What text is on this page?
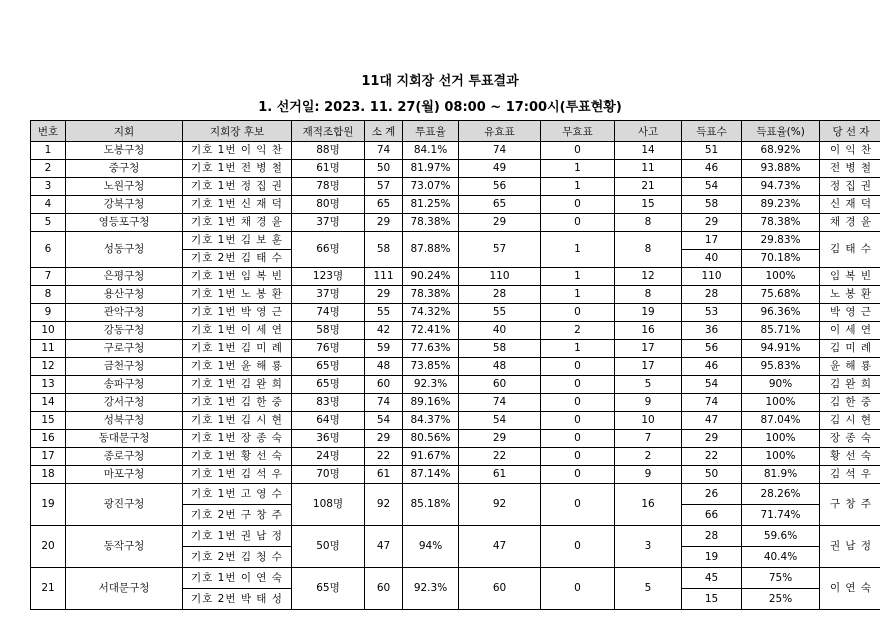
11대 지회장 선거 투표결과
1. 선거일: 2023. 11. 27(월) 08:00 ~ 17:00시(투표현황)
번호	지회	지회장 후보	재적조합원	소 계	투표율	유효표	무효표	사고	득표수	득표율(%)	당 선 자
1	도봉구청	기호 1번 이 익 찬	88명	74	84.1%	74	0	14	51	68.92%	이 익 찬
2	중구청	기호 1번 전 병 철	61명	50	81.97%	49	1	11	46	93.88%	전 병 철
3	노원구청	기호 1번 정 집 권	78명	57	73.07%	56	1	21	54	94.73%	정 집 권
4	강북구청	기호 1번 신 재 덕	80명	65	81.25%	65	0	15	58	89.23%	신 재 덕
5	영등포구청	기호 1번 채 경 윤	37명	29	78.38%	29	0	8	29	78.38%	채 경 윤
6	성동구청	기호 1번 김 보 훈	66명	58	87.88%	57	1	8	17	29.83%	김 태 수
		기호 2번 김 태 수							40	70.18%	
7	은평구청	기호 1번 임 복 빈	123명	111	90.24%	110	1	12	110	100%	임 복 빈
8	용산구청	기호 1번 노 봉 환	37명	29	78.38%	28	1	8	28	75.68%	노 봉 환
9	관악구청	기호 1번 박 영 근	74명	55	74.32%	55	0	19	53	96.36%	박 영 근
10	강동구청	기호 1번 이 세 연	58명	42	72.41%	40	2	16	36	85.71%	이 세 연
11	구로구청	기호 1번 김 미 례	76명	59	77.63%	58	1	17	56	94.91%	김 미 례
12	금천구청	기호 1번 윤 해 룡	65명	48	73.85%	48	0	17	46	95.83%	윤 해 룡
13	송파구청	기호 1번 김 완 희	65명	60	92.3%	60	0	5	54	90%	김 완 희
14	강서구청	기호 1번 김 한 중	83명	74	89.16%	74	0	9	74	100%	김 한 중
15	성북구청	기호 1번 김 시 현	64명	54	84.37%	54	0	10	47	87.04%	김 시 현
16	동대문구청	기호 1번 장 종 숙	36명	29	80.56%	29	0	7	29	100%	장 종 숙
17	종로구청	기호 1번 황 선 숙	24명	22	91.67%	22	0	2	22	100%	황 선 숙
18	마포구청	기호 1번 김 석 우	70명	61	87.14%	61	0	9	50	81.9%	김 석 우
19	광진구청	기호 1번 고 영 수	108명	92	85.18%	92	0	16	26	28.26%	구 창 주
		기호 2번 구 창 주							66	71.74%	
20	동작구청	기호 1번 권 남 정	50명	47	94%	47	0	3	28	59.6%	권 남 정
		기호 2번 김 청 수							19	40.4%	
21	서대문구청	기호 1번 이 연 숙	65명	60	92.3%	60	0	5	45	75%	이 연 숙
		기호 2번 박 태 성							15	25%	
